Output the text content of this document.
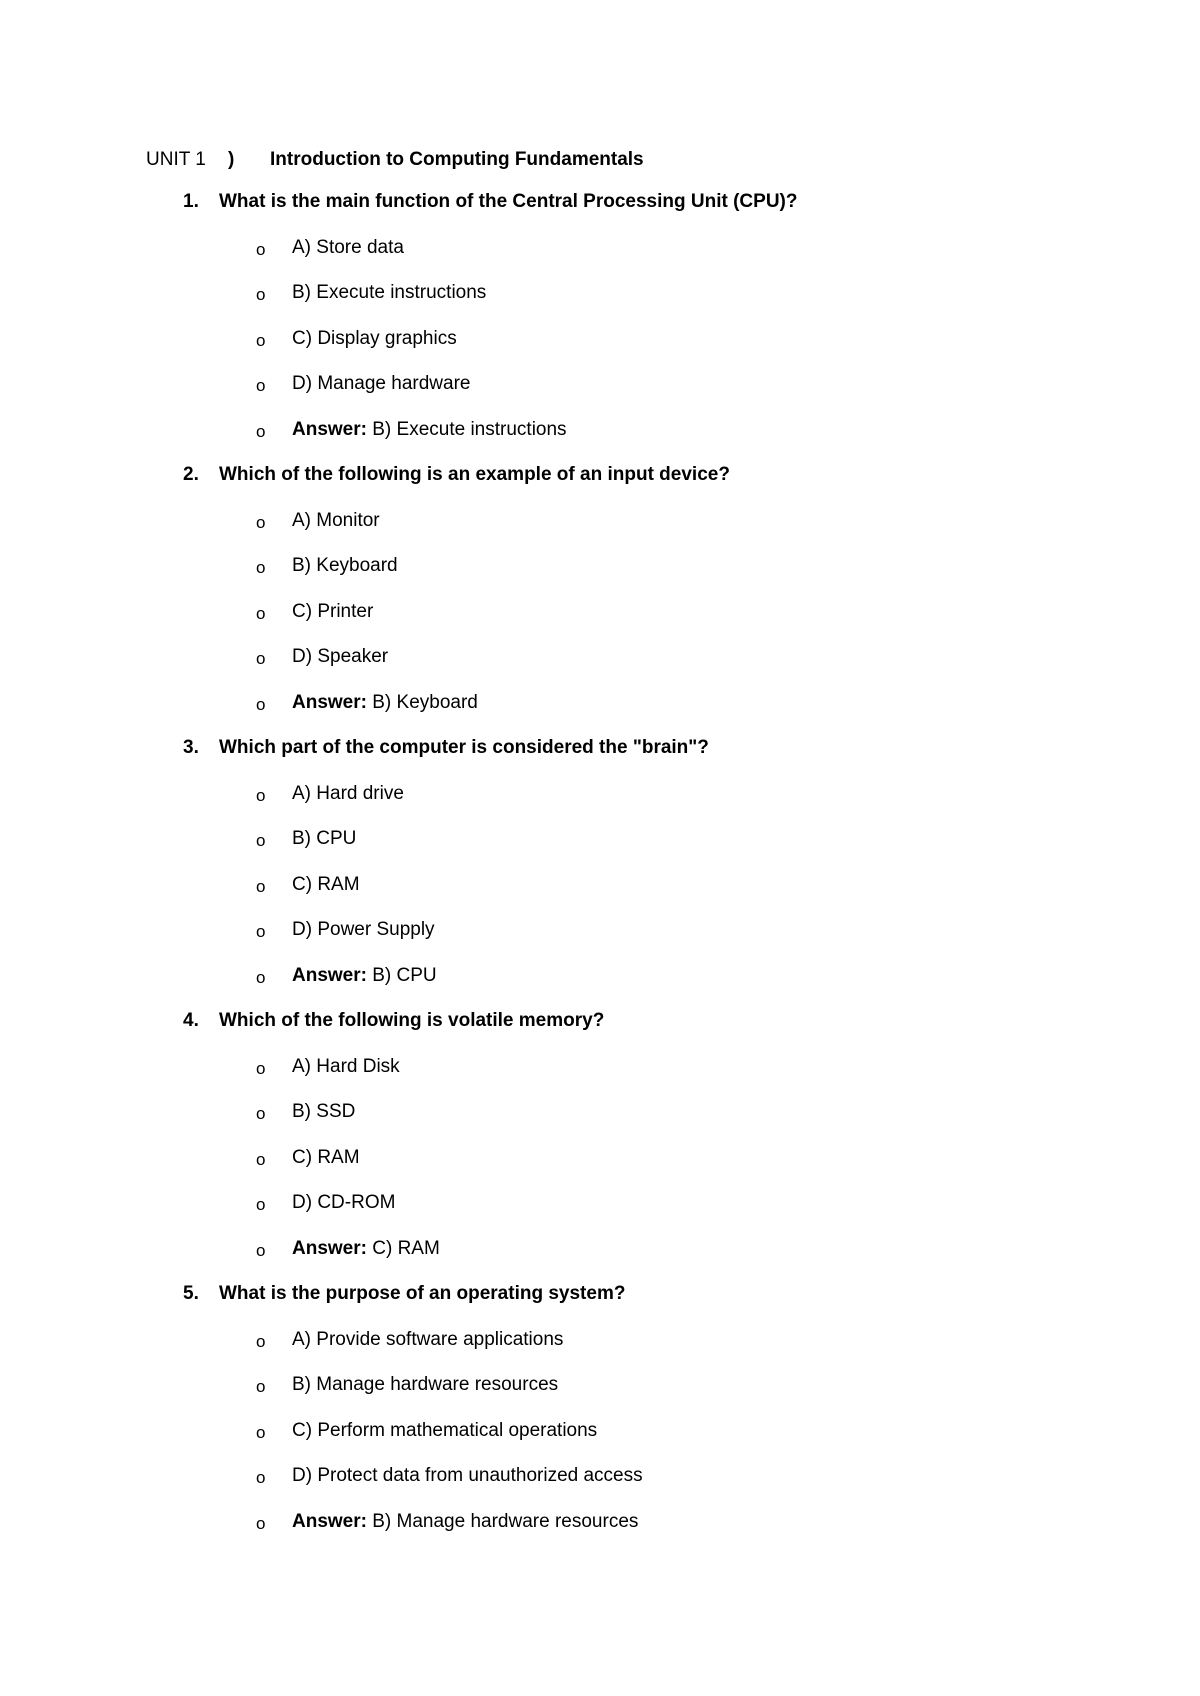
UNIT 1 ) Introduction to Computing Fundamentals
1. What is the main function of the Central Processing Unit (CPU)?
o A) Store data
o B) Execute instructions
o C) Display graphics
o D) Manage hardware
o Answer: B) Execute instructions
2. Which of the following is an example of an input device?
o A) Monitor
o B) Keyboard
o C) Printer
o D) Speaker
o Answer: B) Keyboard
3. Which part of the computer is considered the "brain"?
o A) Hard drive
o B) CPU
o C) RAM
o D) Power Supply
o Answer: B) CPU
4. Which of the following is volatile memory?
o A) Hard Disk
o B) SSD
o C) RAM
o D) CD-ROM
o Answer: C) RAM
5. What is the purpose of an operating system?
o A) Provide software applications
o B) Manage hardware resources
o C) Perform mathematical operations
o D) Protect data from unauthorized access
o Answer: B) Manage hardware resources
